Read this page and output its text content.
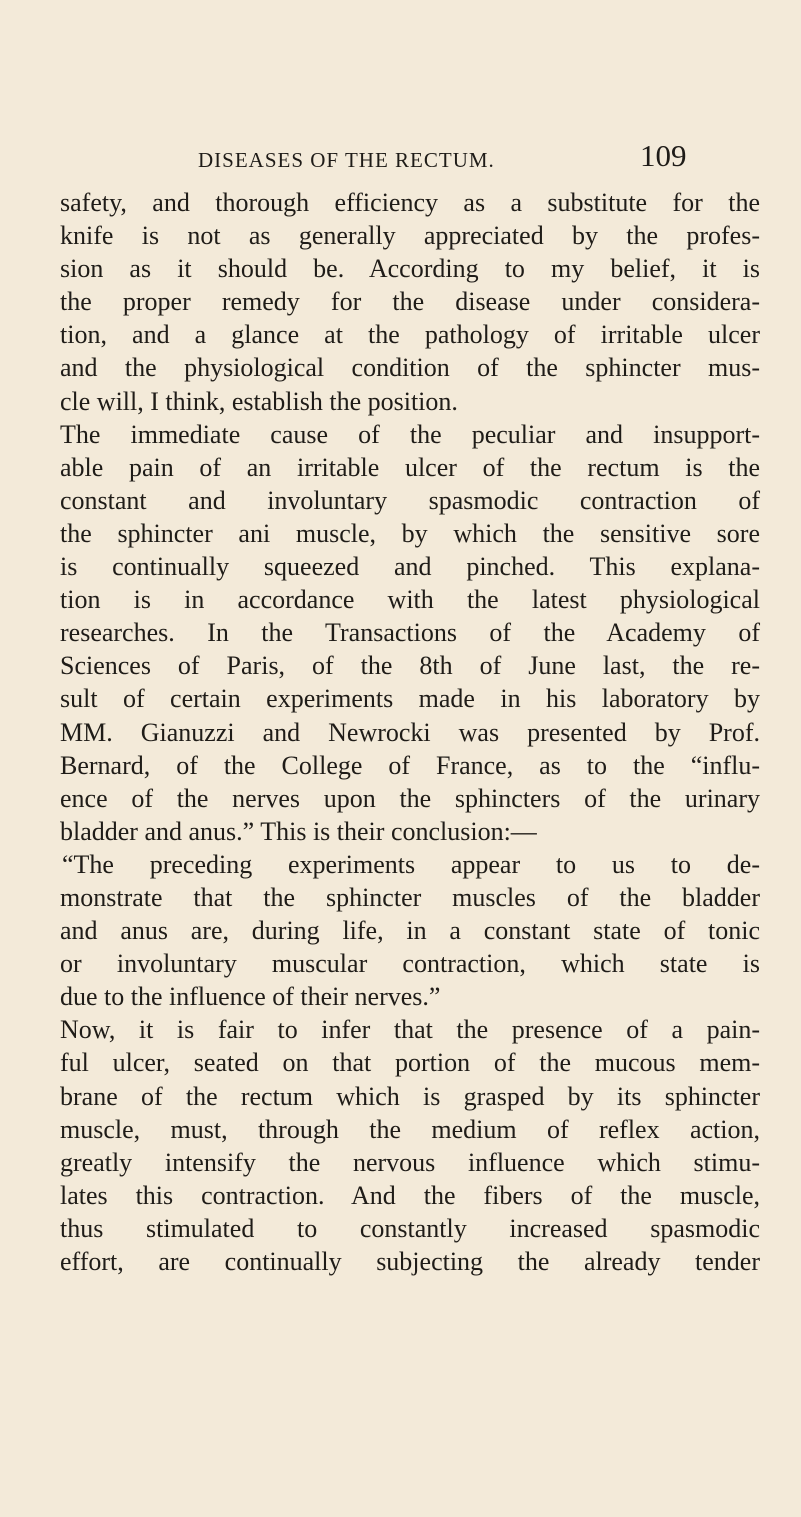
DISEASES OF THE RECTUM.	109
safety, and thorough efficiency as a substitute for the
knife is not as generally appreciated by the profes-
sion as it should be. According to my belief, it is
the proper remedy for the disease under considera-
tion, and a glance at the pathology of irritable ulcer
and the physiological condition of the sphincter mus-
cle will, I think, establish the position.
The immediate cause of the peculiar and insupport-
able pain of an irritable ulcer of the rectum is the
constant and involuntary spasmodic contraction of
the sphincter ani muscle, by which the sensitive sore
is continually squeezed and pinched. This explana-
tion is in accordance with the latest physiological
researches. In the Transactions of the Academy of
Sciences of Paris, of the 8th of June last, the re-
sult of certain experiments made in his laboratory by
MM. Gianuzzi and Newrocki was presented by Prof.
Bernard, of the College of France, as to the “influ-
ence of the nerves upon the sphincters of the urinary
bladder and anus.” This is their conclusion:—
“The preceding experiments appear to us to de-
monstrate that the sphincter muscles of the bladder
and anus are, during life, in a constant state of tonic
or involuntary muscular contraction, which state is
due to the influence of their nerves.”
Now, it is fair to infer that the presence of a pain-
ful ulcer, seated on that portion of the mucous mem-
brane of the rectum which is grasped by its sphincter
muscle, must, through the medium of reflex action,
greatly intensify the nervous influence which stimu-
lates this contraction. And the fibers of the muscle,
thus stimulated to constantly increased spasmodic
effort, are continually subjecting the already tender
